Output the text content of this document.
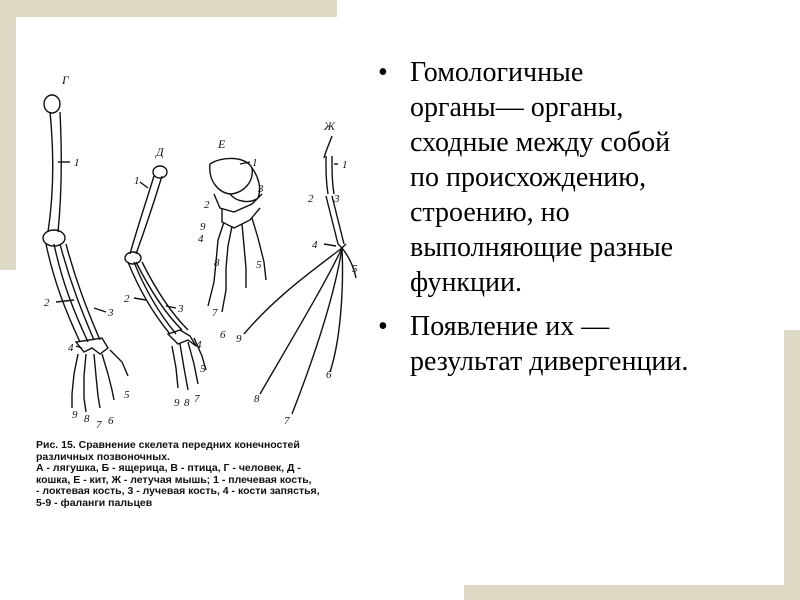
Г
1
2
3
4
5
9 8 7 6
Д
1
2
3
4
5
9 8 7
Е
1
2
3
9
4
8	5
7
6
Ж
1
2 3
4
5
9
8
7
6
Рис. 15. Сравнение скелета передних конечностей
различных позвоночных.
А - лягушка, Б - ящерица, В - птица, Г - человек, Д -
кошка, Е - кит, Ж - летучая мышь; 1 - плечевая кость,
- локтевая кость, 3 - лучевая кость, 4 - кости запястья,
5-9 - фаланги пальцев
• Гомологичные
органы— органы,
сходные между собой
по происхождению,
строению, но
выполняющие разные
функции.
• Появление их —
результат дивергенции.
